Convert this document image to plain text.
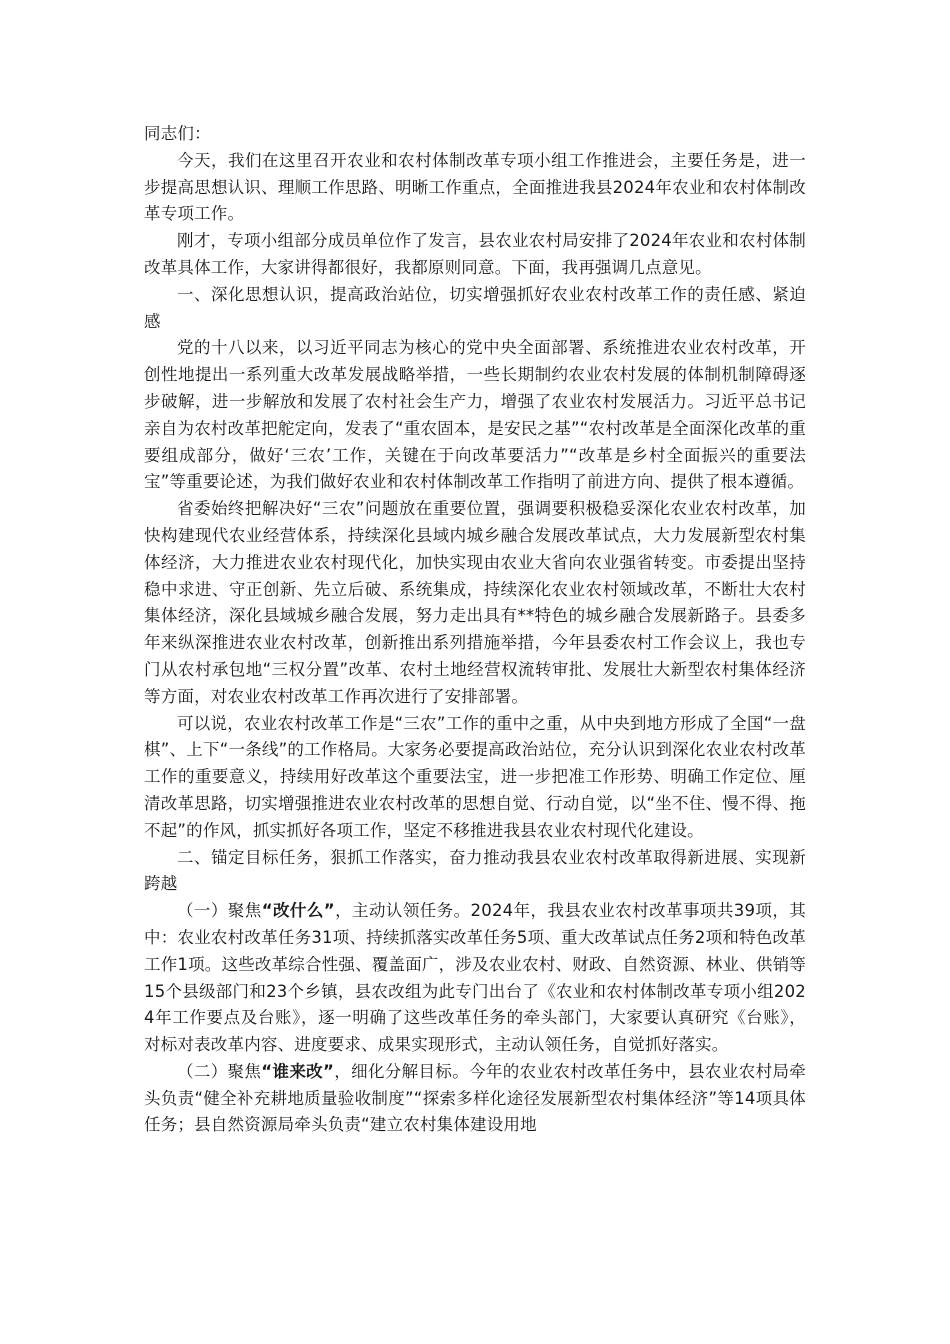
同志们：

今天，我们在这里召开农业和农村体制改革专项小组工作推进会，主要任务是，进一步提高思想认识、理顺工作思路、明晰工作重点，全面推进我县2024年农业和农村体制改革专项工作。

刚才，专项小组部分成员单位作了发言，县农业农村局安排了2024年农业和农村体制改革具体工作，大家讲得都很好，我都原则同意。下面，我再强调几点意见。

一、深化思想认识，提高政治站位，切实增强抓好农业农村改革工作的责任感、紧迫感

党的十八以来，以习近平同志为核心的党中央全面部署、系统推进农业农村改革，开创性地提出一系列重大改革发展战略举措，一些长期制约农业农村发展的体制机制障碍逐步破解，进一步解放和发展了农村社会生产力，增强了农业农村发展活力。习近平总书记亲自为农村改革把舵定向，发表了“重农固本，是安民之基”“农村改革是全面深化改革的重要组成部分，做好‘三农’工作，关键在于向改革要活力”“改革是乡村全面振兴的重要法宝”等重要论述，为我们做好农业和农村体制改革工作指明了前进方向、提供了根本遵循。

省委始终把解决好“三农”问题放在重要位置，强调要积极稳妥深化农业农村改革，加快构建现代农业经营体系，持续深化县域内城乡融合发展改革试点，大力发展新型农村集体经济，大力推进农业农村现代化，加快实现由农业大省向农业强省转变。市委提出坚持稳中求进、守正创新、先立后破、系统集成，持续深化农业农村领域改革，不断壮大农村集体经济，深化县域城乡融合发展，努力走出具有**特色的城乡融合发展新路子。县委多年来纵深推进农业农村改革，创新推出系列措施举措，今年县委农村工作会议上，我也专门从农村承包地“三权分置”改革、农村土地经营权流转审批、发展壮大新型农村集体经济等方面，对农业农村改革工作再次进行了安排部署。

可以说，农业农村改革工作是“三农”工作的重中之重，从中央到地方形成了全国“一盘棋”、上下“一条线”的工作格局。大家务必要提高政治站位，充分认识到深化农业农村改革工作的重要意义，持续用好改革这个重要法宝，进一步把准工作形势、明确工作定位、厘清改革思路，切实增强推进农业农村改革的思想自觉、行动自觉，以“坐不住、慢不得、拖不起”的作风，抓实抓好各项工作，坚定不移推进我县农业农村现代化建设。

二、锚定目标任务，狠抓工作落实，奋力推动我县农业农村改革取得新进展、实现新跨越

（一）聚焦“改什么”，主动认领任务。2024年，我县农业农村改革事项共39项，其中：农业农村改革任务31项、持续抓落实改革任务5项、重大改革试点任务2项和特色改革工作1项。这些改革综合性强、覆盖面广，涉及农业农村、财政、自然资源、林业、供销等15个县级部门和23个乡镇，县农改组为此专门出台了《农业和农村体制改革专项小组2024年工作要点及台账》，逐一明确了这些改革任务的牵头部门，大家要认真研究《台账》，对标对表改革内容、进度要求、成果实现形式，主动认领任务，自觉抓好落实。

（二）聚焦“谁来改”，细化分解目标。今年的农业农村改革任务中，县农业农村局牵头负责“健全补充耕地质量验收制度”“探索多样化途径发展新型农村集体经济”等14项具体任务；县自然资源局牵头负责“建立农村集体建设用地
